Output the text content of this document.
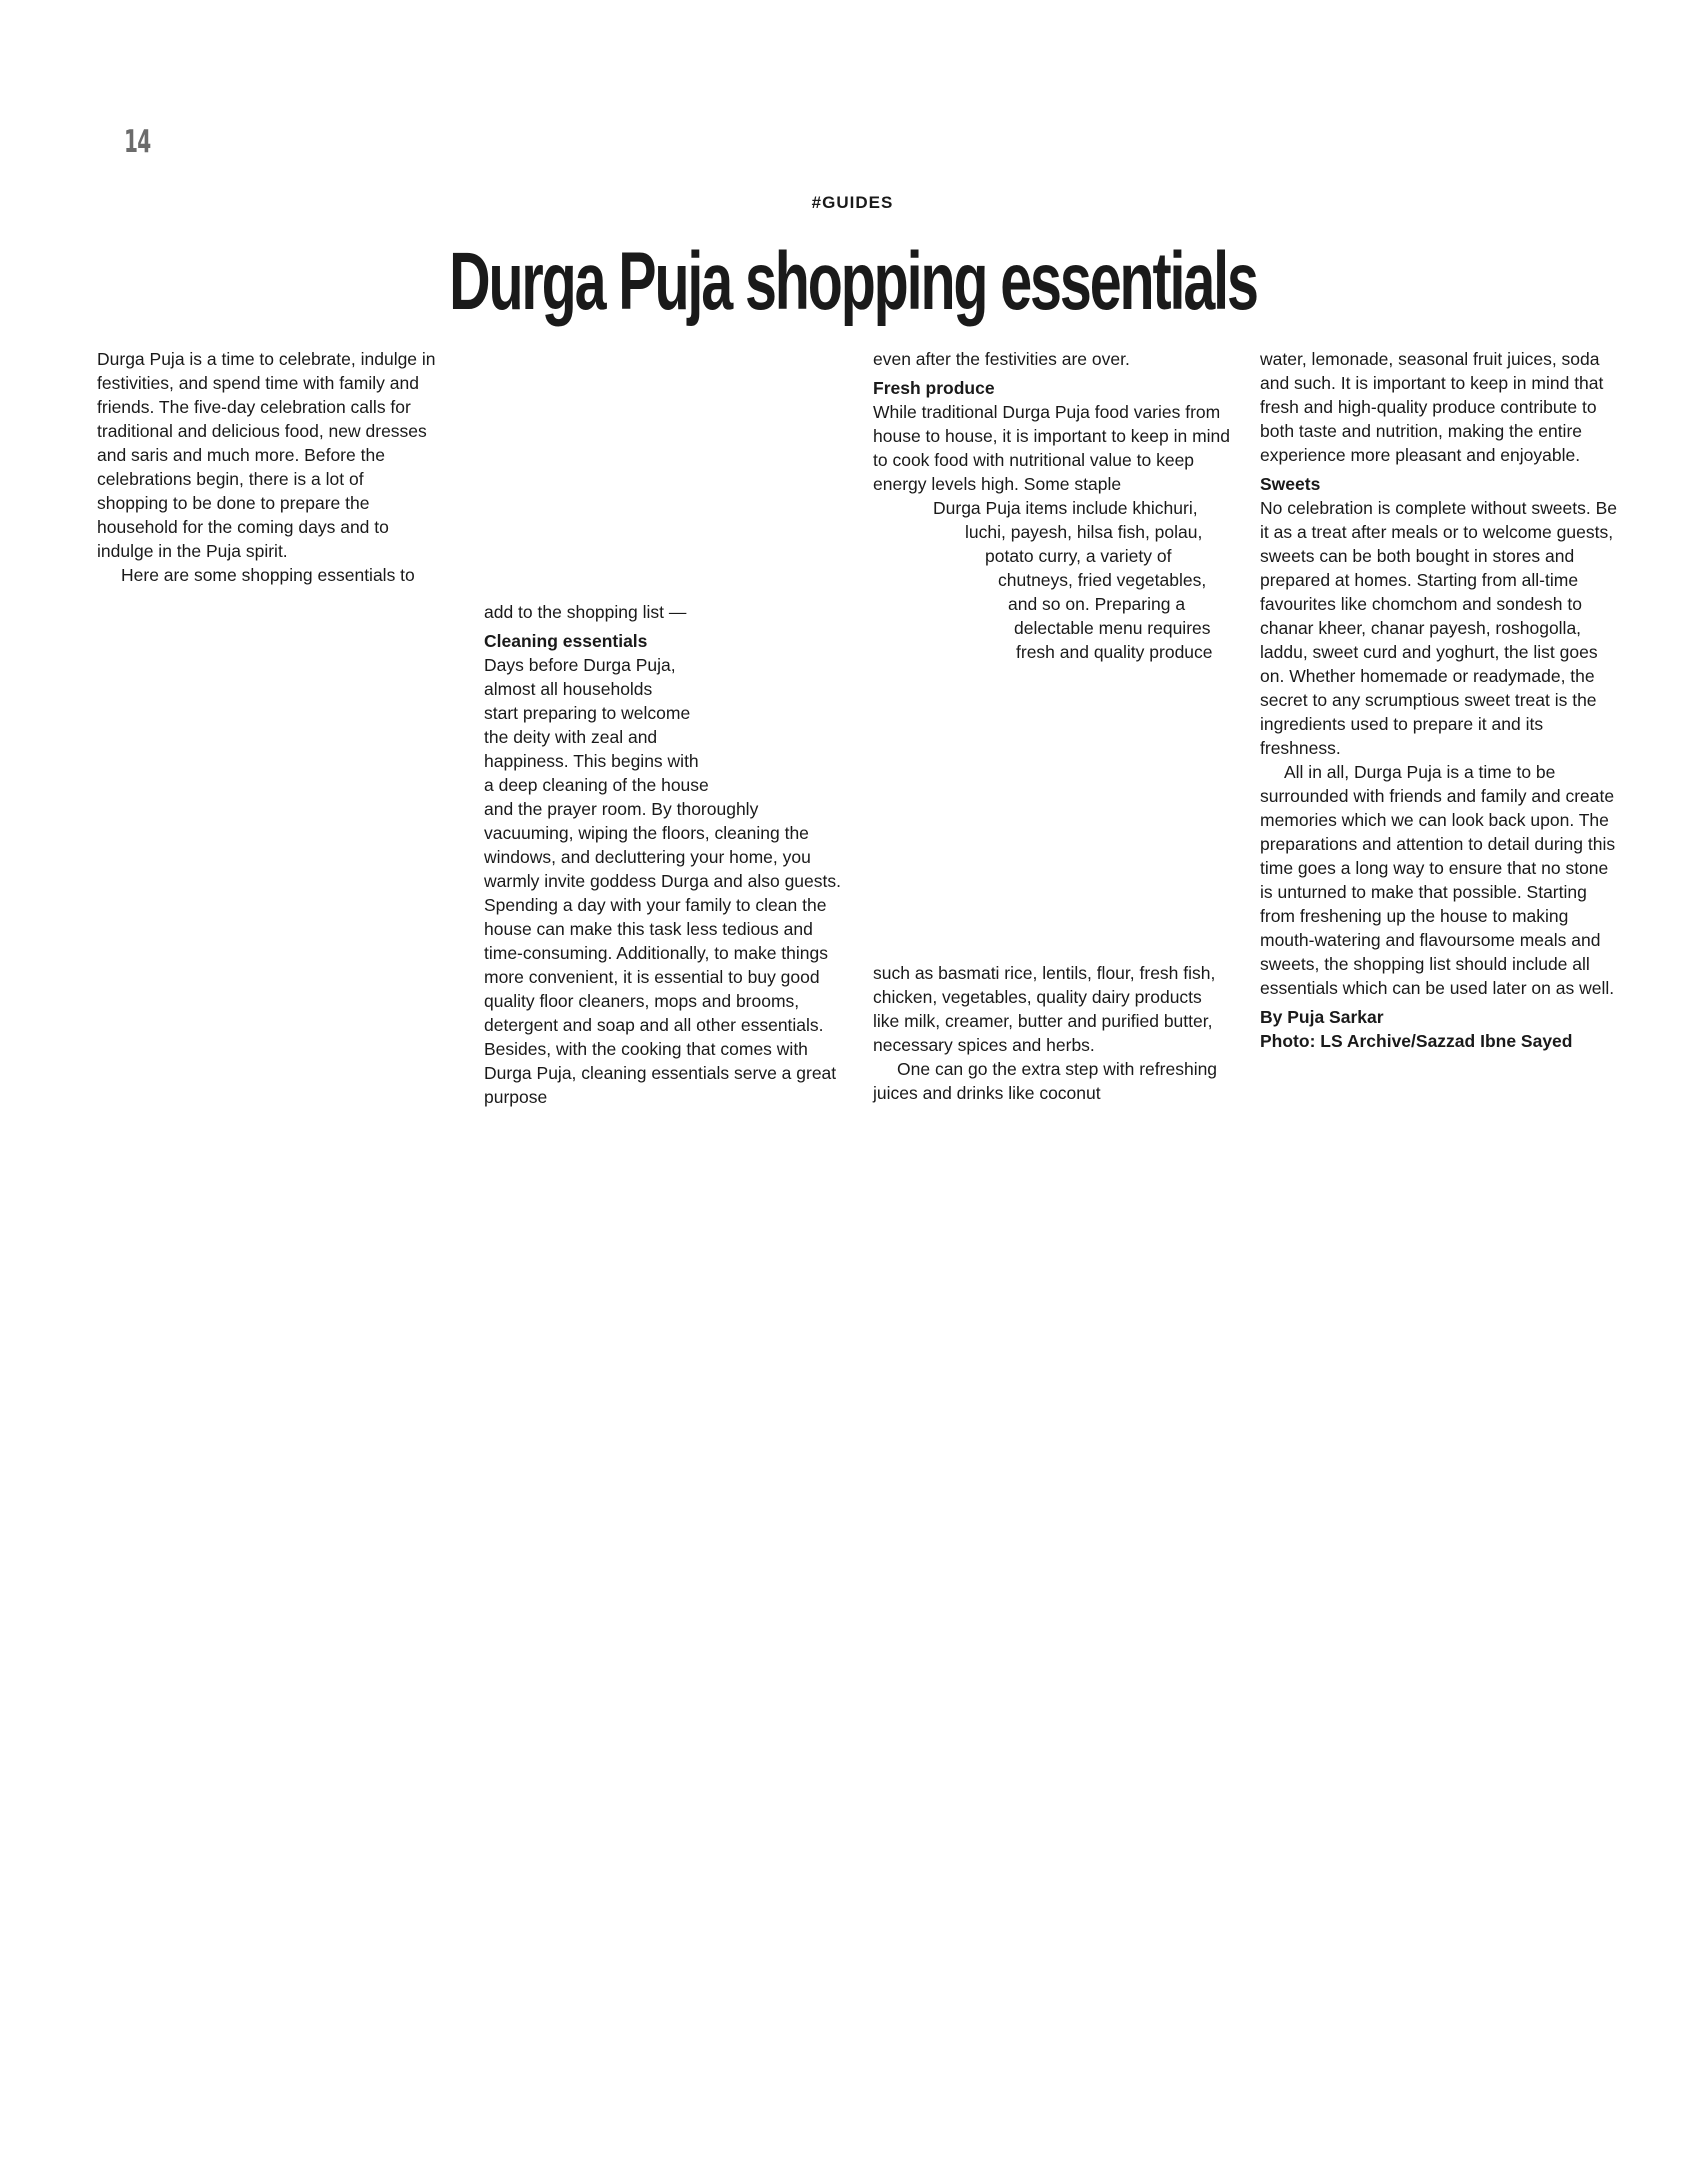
14
#GUIDES
Durga Puja shopping essentials

Durga Puja is a time to celebrate, indulge in festivities, and spend time with family and friends. The five-day celebration calls for traditional and delicious food, new dresses and saris and much more. Before the celebrations begin, there is a lot of shopping to be done to prepare the household for the coming days and to indulge in the Puja spirit.

Here are some shopping essentials to

add to the shopping list —

Cleaning essentials

Days before Durga Puja,
almost all households
start preparing to welcome
the deity with zeal and
happiness. This begins with
a deep cleaning of the house
and the prayer room. By thoroughly vacuuming, wiping the floors, cleaning the windows, and decluttering your home, you warmly invite goddess Durga and also guests. Spending a day with your family to clean the house can make this task less tedious and time-consuming. Additionally, to make things more convenient, it is essential to buy good quality floor cleaners, mops and brooms, detergent and soap and all other essentials. Besides, with the cooking that comes with Durga Puja, cleaning essentials serve a great purpose

even after the festivities are over.

Fresh produce

While traditional Durga Puja food varies from house to house, it is important to keep in mind to cook food with nutritional value to keep energy levels high. Some staple

Durga Puja items include khichuri,
luchi, payesh, hilsa fish, polau,
potato curry, a variety of
chutneys, fried vegetables,
and so on. Preparing a
delectable menu requires
fresh and quality produce

such as basmati rice, lentils, flour, fresh fish, chicken, vegetables, quality dairy products like milk, creamer, butter and purified butter, necessary spices and herbs.

One can go the extra step with refreshing juices and drinks like coconut

water, lemonade, seasonal fruit juices, soda and such. It is important to keep in mind that fresh and high-quality produce contribute to both taste and nutrition, making the entire experience more pleasant and enjoyable.

Sweets

No celebration is complete without sweets. Be it as a treat after meals or to welcome guests, sweets can be both bought in stores and prepared at homes. Starting from all-time favourites like chomchom and sondesh to chanar kheer, chanar payesh, roshogolla, laddu, sweet curd and yoghurt, the list goes on. Whether homemade or readymade, the secret to any scrumptious sweet treat is the ingredients used to prepare it and its freshness.

All in all, Durga Puja is a time to be surrounded with friends and family and create memories which we can look back upon. The preparations and attention to detail during this time goes a long way to ensure that no stone is unturned to make that possible. Starting from freshening up the house to making mouth-watering and flavoursome meals and sweets, the shopping list should include all essentials which can be used later on as well.

By Puja Sarkar

Photo: LS Archive/Sazzad Ibne Sayed
